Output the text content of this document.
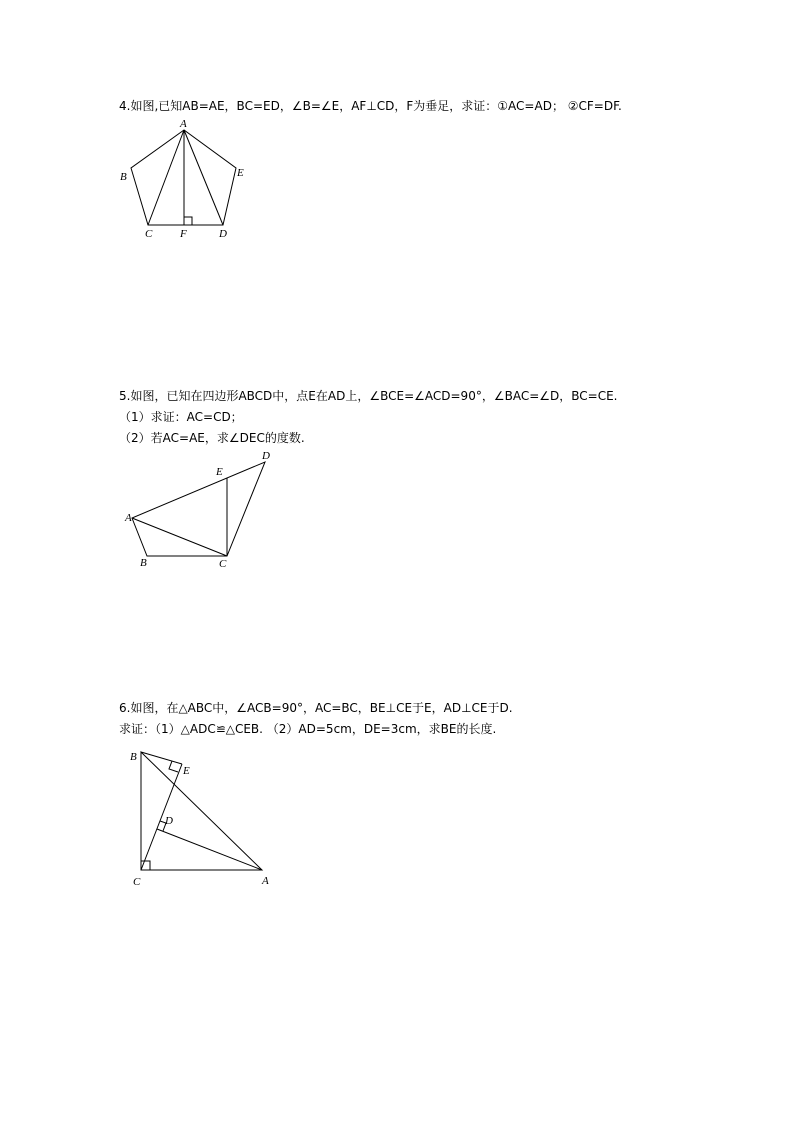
4.如图,已知AB=AE，BC=ED，∠B=∠E，AF⊥CD，F为垂足，求证：①AC=AD； ②CF=DF.
A
B
C	F	D
E
A
B	C
D
E
B
E
D
C	A
5.如图，已知在四边形ABCD中，点E在AD上，∠BCE=∠ACD=90°，∠BAC=∠D，BC=CE.
（1）求证：AC=CD；
（2）若AC=AE，求∠DEC的度数.
6.如图，在△ABC中，∠ACB=90°，AC=BC，BE⊥CE于E，AD⊥CE于D.
求证：（1）△ADC≌△CEB. （2）AD=5cm，DE=3cm，求BE的长度.
